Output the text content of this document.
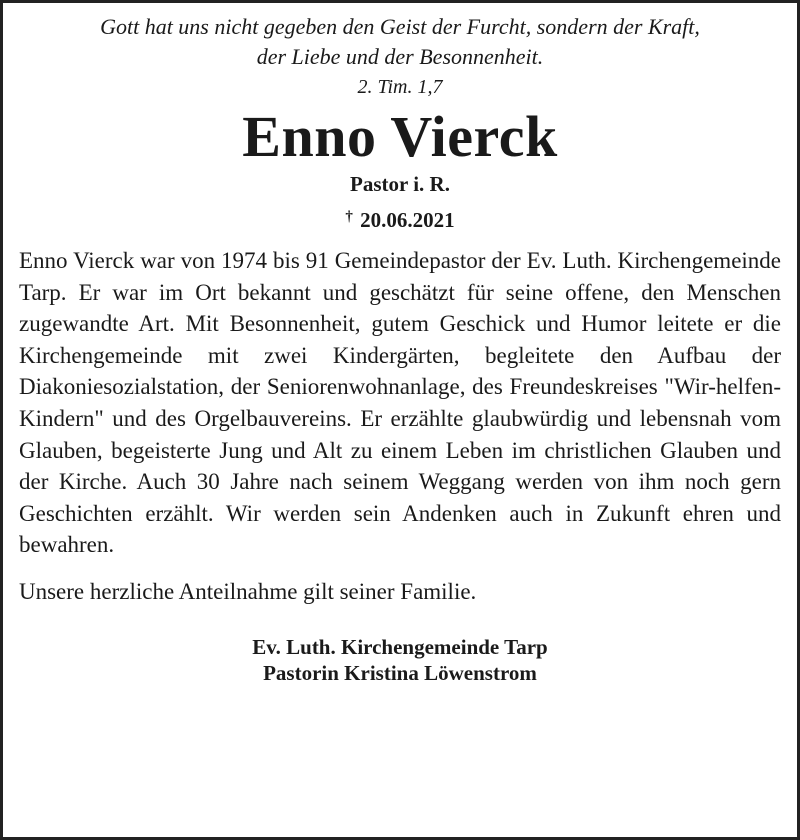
Gott hat uns nicht gegeben den Geist der Furcht, sondern der Kraft,

der Liebe und der Besonnenheit.

2. Tim. 1,7

Enno Vierck

Pastor i. R.

† 20.06.2021

Enno Vierck war von 1974 bis 91 Gemeindepastor der Ev. Luth. Kirchengemeinde Tarp. Er war im Ort bekannt und geschätzt für seine offene, den Menschen zugewandte Art. Mit Besonnenheit, gutem Geschick und Humor leitete er die Kirchengemeinde mit zwei Kindergärten, begleitete den Aufbau der Diakoniesozialstation, der Seniorenwohnanlage, des Freundeskreises "Wir-helfen-Kindern" und des Orgelbauvereins. Er erzählte glaubwürdig und lebensnah vom Glauben, begeisterte Jung und Alt zu einem Leben im christlichen Glauben und der Kirche. Auch 30 Jahre nach seinem Weggang werden von ihm noch gern Geschichten erzählt. Wir werden sein Andenken auch in Zukunft ehren und bewahren.

Unsere herzliche Anteilnahme gilt seiner Familie.

Ev. Luth. Kirchengemeinde Tarp

Pastorin Kristina Löwenstrom
